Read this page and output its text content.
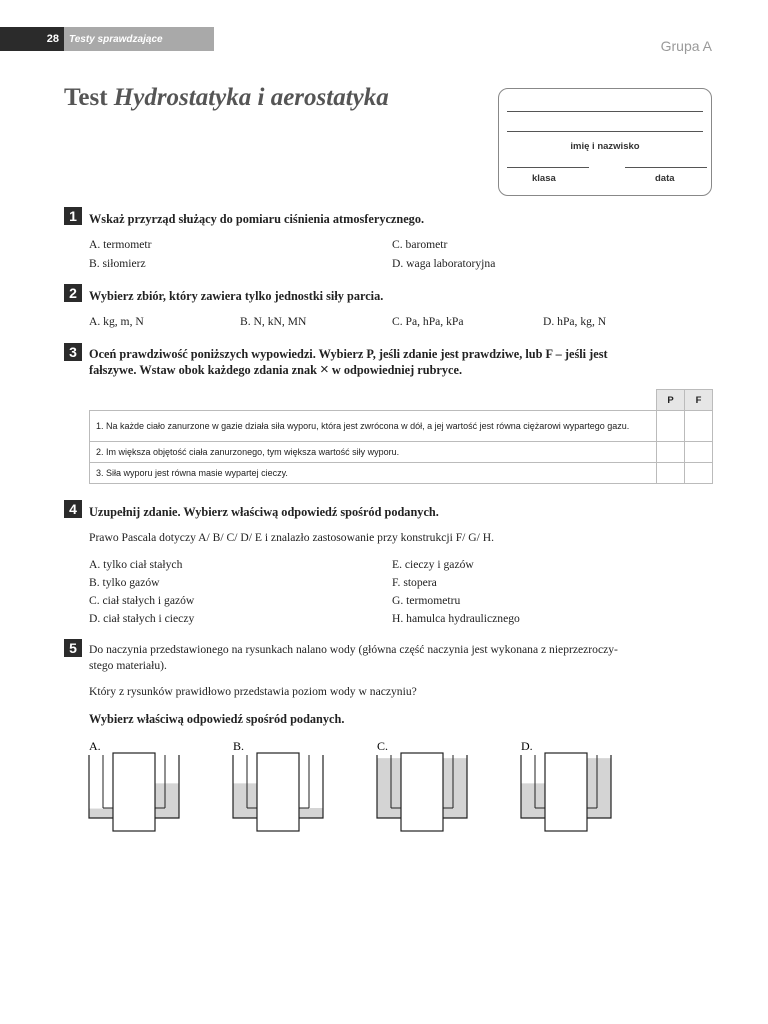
28	Testy sprawdzające	Grupa A
Test Hydrostatyka i aerostatyka
imię i nazwisko
klasa	data
1 Wskaż przyrząd służący do pomiaru ciśnienia atmosferycznego.
A. termometr	C. barometr
B. siłomierz	D. waga laboratoryjna
2 Wybierz zbiór, który zawiera tylko jednostki siły parcia.
A. kg, m, N	B. N, kN, MN	C. Pa, hPa, kPa	D. hPa, kg, N
3 Oceń prawdziwość poniższych wypowiedzi. Wybierz P, jeśli zdanie jest prawdziwe, lub F – jeśli jest
fałszywe. Wstaw obok każdego zdania znak × w odpowiedniej rubryce.
	P	F
1. Na każde ciało zanurzone w gazie działa siła wyporu, która jest zwrócona w dół, a jej wartość jest równa ciężarowi wypartego gazu.		
2. Im większa objętość ciała zanurzonego, tym większa wartość siły wyporu.		
3. Siła wyporu jest równa masie wypartej cieczy.		
4 Uzupełnij zdanie. Wybierz właściwą odpowiedź spośród podanych.
Prawo Pascala dotyczy A/ B/ C/ D/ E i znalazło zastosowanie przy konstrukcji F/ G/ H.
A. tylko ciał stałych
B. tylko gazów
C. ciał stałych i gazów
D. ciał stałych i cieczy
E. cieczy i gazów
F. stopera
G. termometru
H. hamulca hydraulicznego
5	Do naczynia przedstawionego na rysunkach nalano wody (główna część naczynia jest wykonana z nieprzezroczy-
stego materiału).
Który z rysunków prawidłowo przedstawia poziom wody w naczyniu?
Wybierz właściwą odpowiedź spośród podanych.
A.	B.	C.	D.
